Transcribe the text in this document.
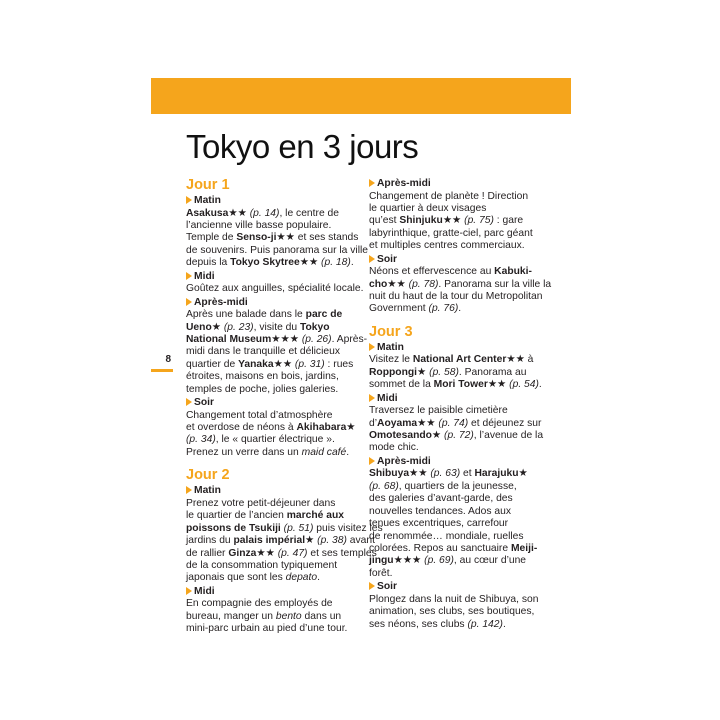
Tokyo en 3 jours
8
Jour 1
Matin
Asakusa★★ (p. 14), le centre de
l’ancienne ville basse populaire.
Temple de Senso-ji★★ et ses stands
de souvenirs. Puis panorama sur la ville
depuis la Tokyo Skytree★★ (p. 18).
Midi
Goûtez aux anguilles, spécialité locale.
Après-midi
Après une balade dans le parc de
Ueno★ (p. 23), visite du Tokyo
National Museum★★★ (p. 26). Après-
midi dans le tranquille et délicieux
quartier de Yanaka★★ (p. 31) : rues
étroites, maisons en bois, jardins,
temples de poche, jolies galeries.
Soir
Changement total d’atmosphère
et overdose de néons à Akihabara★
(p. 34), le « quartier électrique ».
Prenez un verre dans un maid café.
Jour 2
Matin
Prenez votre petit-déjeuner dans
le quartier de l’ancien marché aux
poissons de Tsukiji (p. 51) puis visitez les
jardins du palais impérial★ (p. 38) avant
de rallier Ginza★★ (p. 47) et ses temples
de la consommation typiquement
japonais que sont les depato.
Midi
En compagnie des employés de
bureau, manger un bento dans un
mini-parc urbain au pied d’une tour.
Après-midi
Changement de planète ! Direction
le quartier à deux visages
qu’est Shinjuku★★ (p. 75) : gare
labyrinthique, gratte-ciel, parc géant
et multiples centres commerciaux.
Soir
Néons et effervescence au Kabuki-
cho★★ (p. 78). Panorama sur la ville la
nuit du haut de la tour du Metropolitan
Government (p. 76).
Jour 3
Matin
Visitez le National Art Center★★ à
Roppongi★ (p. 58). Panorama au
sommet de la Mori Tower★★ (p. 54).
Midi
Traversez le paisible cimetière
d’Aoyama★★ (p. 74) et déjeunez sur
Omotesando★ (p. 72), l’avenue de la
mode chic.
Après-midi
Shibuya★★ (p. 63) et Harajuku★
(p. 68), quartiers de la jeunesse,
des galeries d’avant-garde, des
nouvelles tendances. Ados aux
tenues excentriques, carrefour
de renommée… mondiale, ruelles
colorées. Repos au sanctuaire Meiji-
jingu★★★ (p. 69), au cœur d’une
forêt.
Soir
Plongez dans la nuit de Shibuya, son
animation, ses clubs, ses boutiques,
ses néons, ses clubs (p. 142).
